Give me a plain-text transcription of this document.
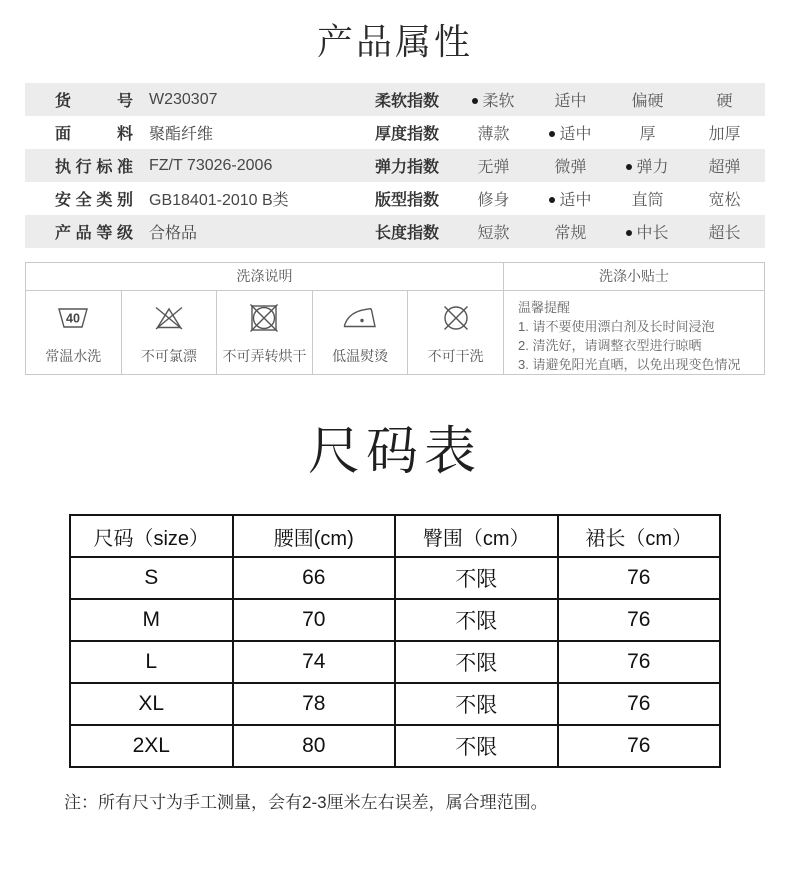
产品属性
货号 W230307	柔软指数	柔软	适中	偏硬	硬
面料 聚酯纤维	厚度指数	薄款	适中	厚	加厚
执行标准 FZ/T 73026-2006	弹力指数	无弹	微弹	弹力	超弹
安全类别 GB18401-2010 B类	版型指数	修身	适中	直筒	宽松
产品等级 合格品	长度指数	短款	常规	中长	超长
洗涤说明
40
常温水洗	不可氯漂 不可弄转烘干 低温熨烫	不可干洗
洗涤小贴士
温馨提醒
1. 请不要使用漂白剂及长时间浸泡
2. 清洗好，请调整衣型进行晾晒
3. 请避免阳光直晒，以免出现变色情况
尺码表
尺码（size）	腰围(cm)	臀围（cm）	裙长（cm）
S	66	不限	76
M	70	不限	76
L	74	不限	76
XL	78	不限	76
2XL	80	不限	76

注：所有尺寸为手工测量，会有2-3厘米左右误差，属合理范围。
